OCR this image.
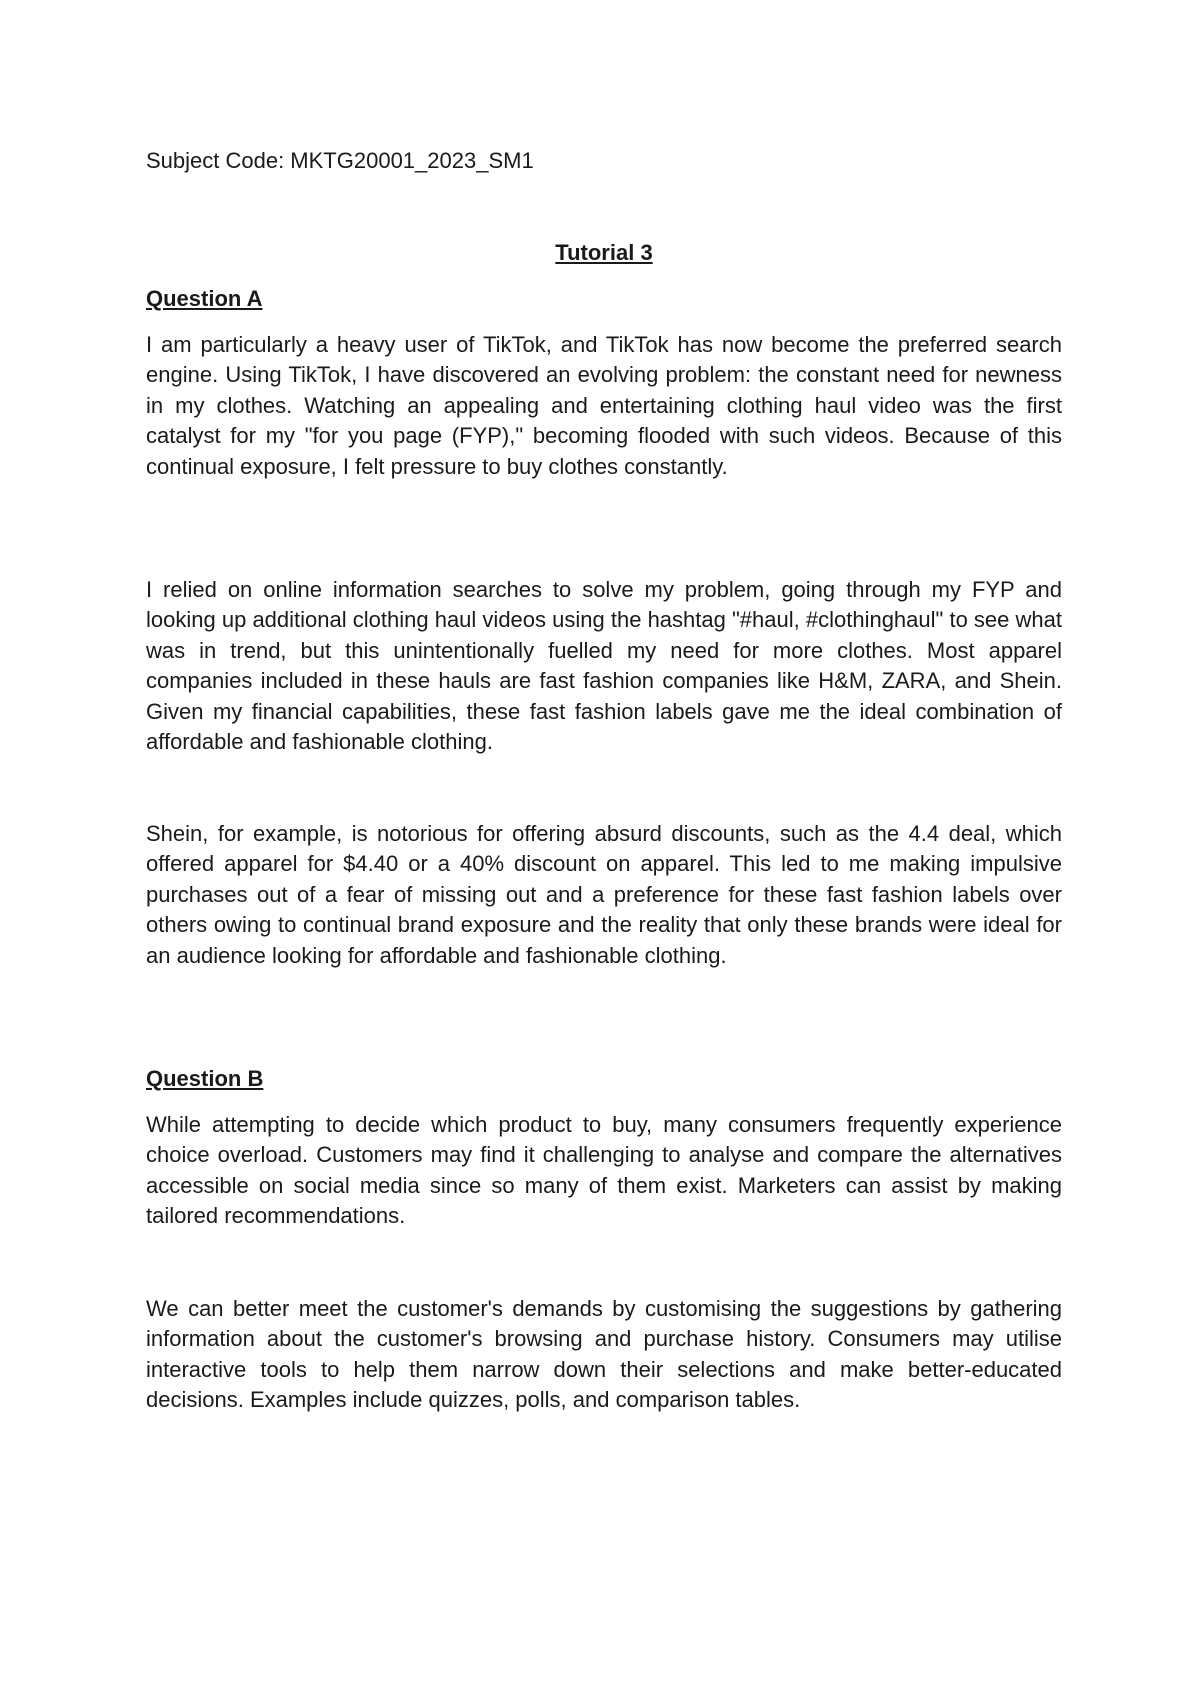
Subject Code: MKTG20001_2023_SM1
Tutorial 3
Question A

I am particularly a heavy user of TikTok, and TikTok has now become the preferred search engine. Using TikTok, I have discovered an evolving problem: the constant need for newness in my clothes. Watching an appealing and entertaining clothing haul video was the first catalyst for my "for you page (FYP)," becoming flooded with such videos. Because of this continual exposure, I felt pressure to buy clothes constantly.

I relied on online information searches to solve my problem, going through my FYP and looking up additional clothing haul videos using the hashtag "#haul, #clothinghaul" to see what was in trend, but this unintentionally fuelled my need for more clothes. Most apparel companies included in these hauls are fast fashion companies like H&M, ZARA, and Shein. Given my financial capabilities, these fast fashion labels gave me the ideal combination of affordable and fashionable clothing.

Shein, for example, is notorious for offering absurd discounts, such as the 4.4 deal, which offered apparel for $4.40 or a 40% discount on apparel. This led to me making impulsive purchases out of a fear of missing out and a preference for these fast fashion labels over others owing to continual brand exposure and the reality that only these brands were ideal for an audience looking for affordable and fashionable clothing.

Question B

While attempting to decide which product to buy, many consumers frequently experience choice overload. Customers may find it challenging to analyse and compare the alternatives accessible on social media since so many of them exist. Marketers can assist by making tailored recommendations.

We can better meet the customer's demands by customising the suggestions by gathering information about the customer's browsing and purchase history. Consumers may utilise interactive tools to help them narrow down their selections and make better-educated decisions. Examples include quizzes, polls, and comparison tables.
